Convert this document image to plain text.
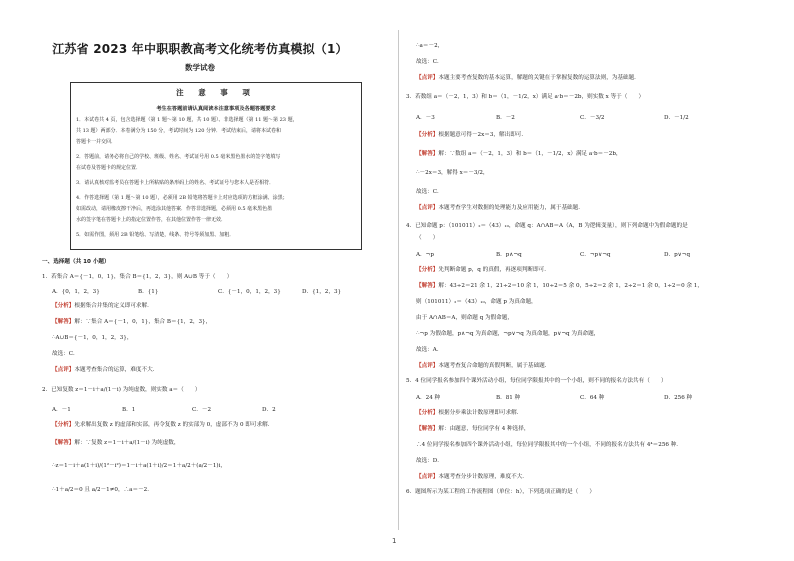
江苏省 2023 年中职职教高考文化统考仿真模拟（1）
数学试卷
注 意 事 项
考生在答题前请认真阅读本注意事项及各题答题要求
1．本试卷共 4 页，包含选择题（第 1 题～第 10 题，共 10 题）、非选择题（第 11 题～第 23 题，
共 13 题）两部分．本卷满分为 150 分，考试时间为 120 分钟．考试结束后，请将本试卷和
答题卡一并交回．
2．答题前，请务必将自己的学校、班级、姓名、考试证号用 0.5 毫米黑色墨水的签字笔填写
在试卷及答题卡的规定位置．
3．请认真核对监考员在答题卡上所粘贴的条形码上的姓名、考试证号与您本人是否相符．
4．作答选择题（第 1 题～第 10 题），必须用 2B 铅笔将答题卡上对应选项的方框涂满、涂黑；
如需改动，请用橡皮擦干净后，再选涂其他答案．作答非选择题，必须用 0.5 毫米黑色墨
水的签字笔在答题卡上的指定位置作答，在其他位置作答一律无效．
5．如需作图，须用 2B 铅笔绘、写清楚，线条、符号等须加黑、加粗．
一、选择题（共 10 小题）
1．若集合 A＝{－1，0，1}，集合 B＝{1，2，3}，则 A∪B 等于（　　）
A．{0，1，2，3}	B．{1}	C．{－1，0，1，2，3}	D．{1，2，3}
【分析】根据集合并集的定义即可求解．
【解答】解：∵集合 A＝{－1，0，1}，集合 B＝{1，2，3}，
∴A∪B＝{－1，0，1，2，3}，
故选：C．
【点评】本题考查集合的运算，难度不大．
2．已知复数 z＝1－i＋a/(1－i) 为纯虚数，则实数 a＝（　　）
A．－1	B．1	C．－2	D．2
【分析】先求解出复数 z 的虚部和实部，再令复数 z 的实部为 0，虚部不为 0 即可求解．
【解答】解：∵复数 z＝1－i＋a/(1－i) 为纯虚数，
∴z＝1－i＋a(1＋i)/(1²－i²)＝1－i＋a(1＋i)/2＝1＋a/2＋(a/2－1)i，
∴1＋a/2＝0 且 a/2－1≠0，∴a＝－2．
∴a＝－2，
故选：C．
【点评】本题主要考查复数的基本运算，解题的关键在于掌握复数的运算法则，为基础题．
3．若数组 a＝（－2，1，3）和 b＝（1，－1/2，x）满足 a·b＝－2b，则实数 x 等于（　　）
A．－3	B．－2	C．－3/2	D．－1/2
【分析】根据题意可得－2x＝3，解出即可．
【解答】解：∵数组 a＝（－2，1，3）和 b＝（1，－1/2，x）满足 a·b＝－2b，
∴－2x＝3，解得 x＝－3/2，
故选：C．
【点评】本题考查学生对数据的处理能力及应用能力，属于基础题．
4．已知命题 p：（101011）₂＝（43）₁₀，命题 q：A∩AB＝A（A，B 为逻辑变量），则下列命题中为假命题的是
（　　）
A．¬p	B．p∧¬q	C．¬p∨¬q	D．p∨¬q
【分析】先判断命题 p，q 的真假，再逐项判断即可．
【解答】解：43÷2＝21 余 1，21÷2＝10 余 1，10÷2＝5 余 0，5÷2＝2 余 1，2÷2＝1 余 0，1÷2＝0 余 1，
则（101011）₂＝（43）₁₀，命题 p 为真命题，
由于 A∩AB＝A，则命题 q 为假命题，
∴¬p 为假命题，p∧¬q 为真命题，¬p∨¬q 为真命题，p∨¬q 为真命题，
故选：A．
【点评】本题考查复合命题的真假判断，属于基础题．
5．4 位同学报名参加四个课外活动小组，每位同学限报其中的一个小组，则不同的报名方法共有（　　）
A．24 种	B．81 种	C．64 种	D．256 种
【分析】根据分步乘法计数原理即可求解．
【解答】解：由题意，每位同学有 4 种选择，
∴4 位同学报名参加四个课外活动小组，每位同学限报其中的一个小组，不同的报名方法共有 4⁴＝256 种．
故选：D．
【点评】本题考查分步计数原理，难度不大．
6．题图所示为某工程的工作流程图（单位：h），下列选项正确的是（　　）
1
